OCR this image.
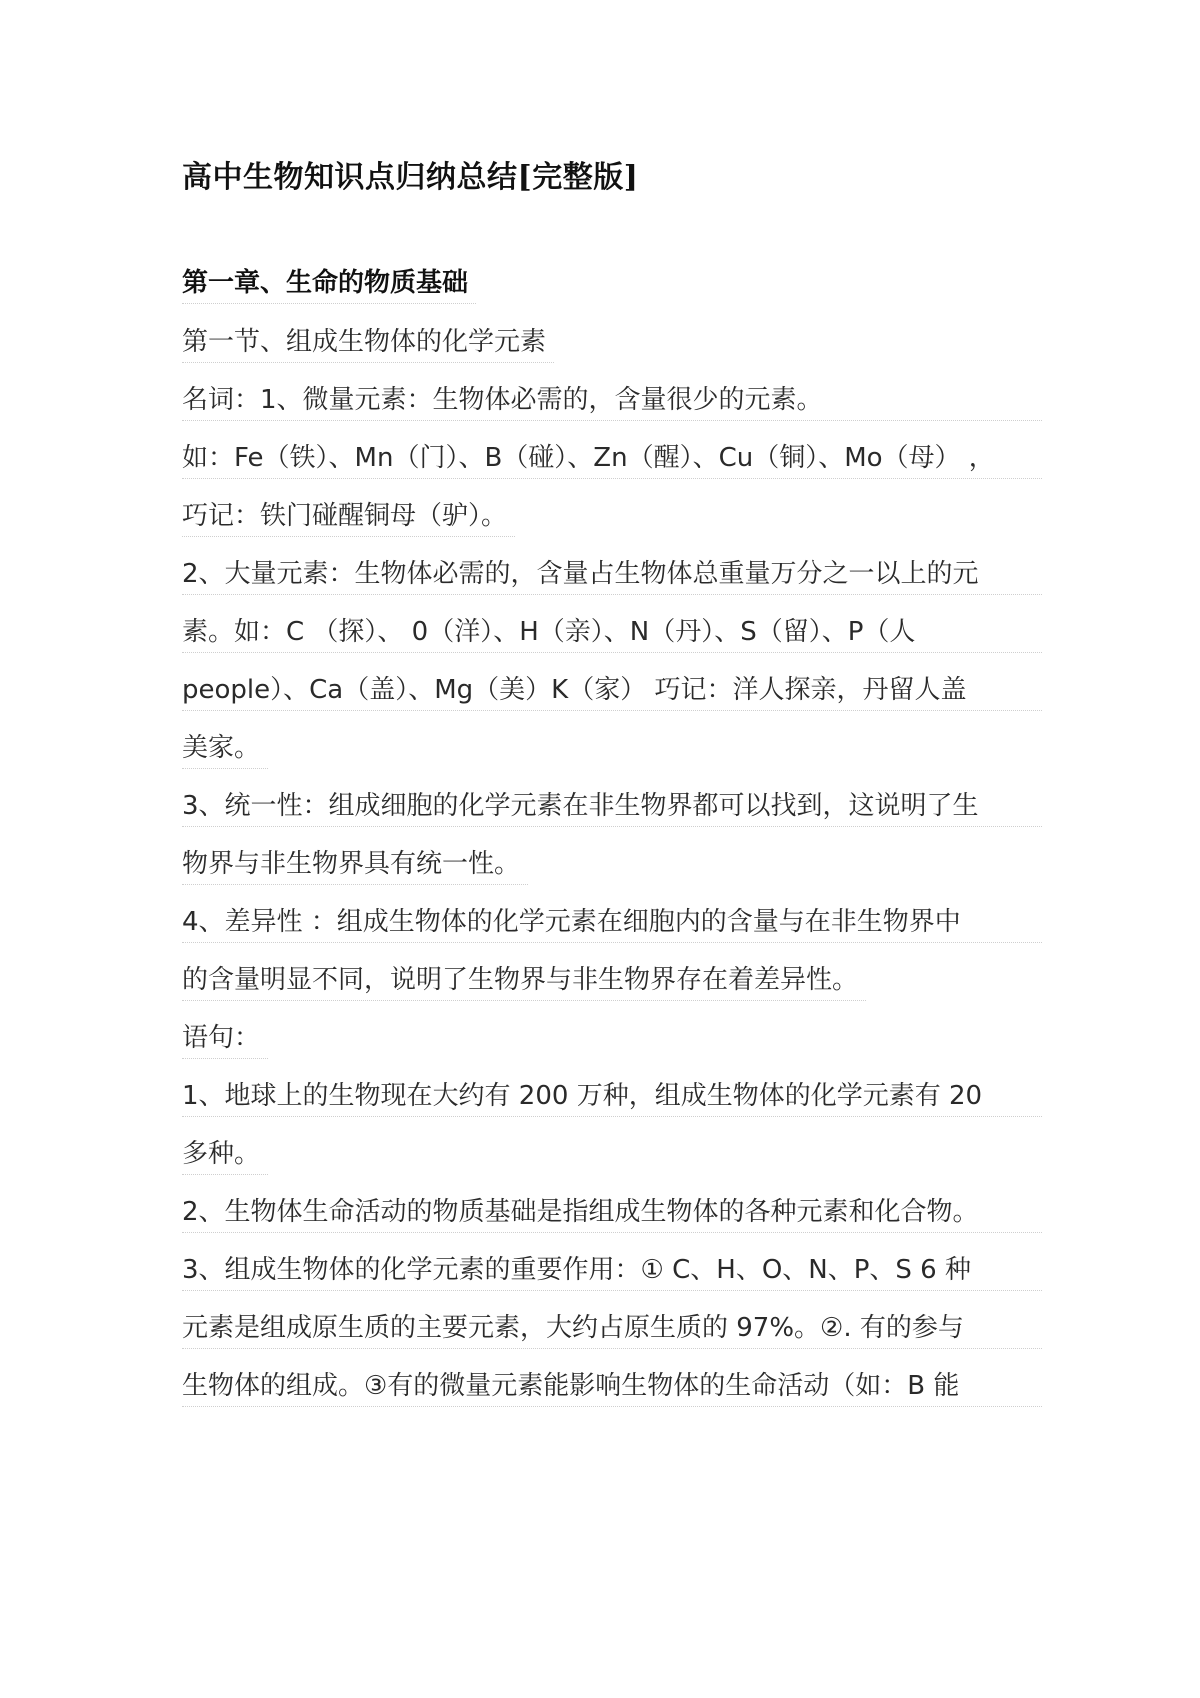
高中生物知识点归纳总结[完整版]
第一章、生命的物质基础
第一节、组成生物体的化学元素
名词：1、微量元素：生物体必需的，含量很少的元素。
如：Fe（铁）、Mn（门）、B（碰）、Zn（醒）、Cu（铜）、Mo（母） ，
巧记：铁门碰醒铜母（驴）。
2、大量元素：生物体必需的，含量占生物体总重量万分之一以上的元
素。如：C （探）、 0（洋）、H（亲）、N（丹）、S（留）、P（人
people）、Ca（盖）、Mg（美）K（家） 巧记：洋人探亲，丹留人盖
美家。
3、统一性：组成细胞的化学元素在非生物界都可以找到，这说明了生
物界与非生物界具有统一性。
4、差异性 ：组成生物体的化学元素在细胞内的含量与在非生物界中
的含量明显不同，说明了生物界与非生物界存在着差异性。
语句：
1、地球上的生物现在大约有 200 万种，组成生物体的化学元素有 20
多种。
2、生物体生命活动的物质基础是指组成生物体的各种元素和化合物。
3、组成生物体的化学元素的重要作用：① C、H、O、N、P、S 6 种
元素是组成原生质的主要元素，大约占原生质的 97%。②. 有的参与
生物体的组成。③有的微量元素能影响生物体的生命活动（如：B 能
